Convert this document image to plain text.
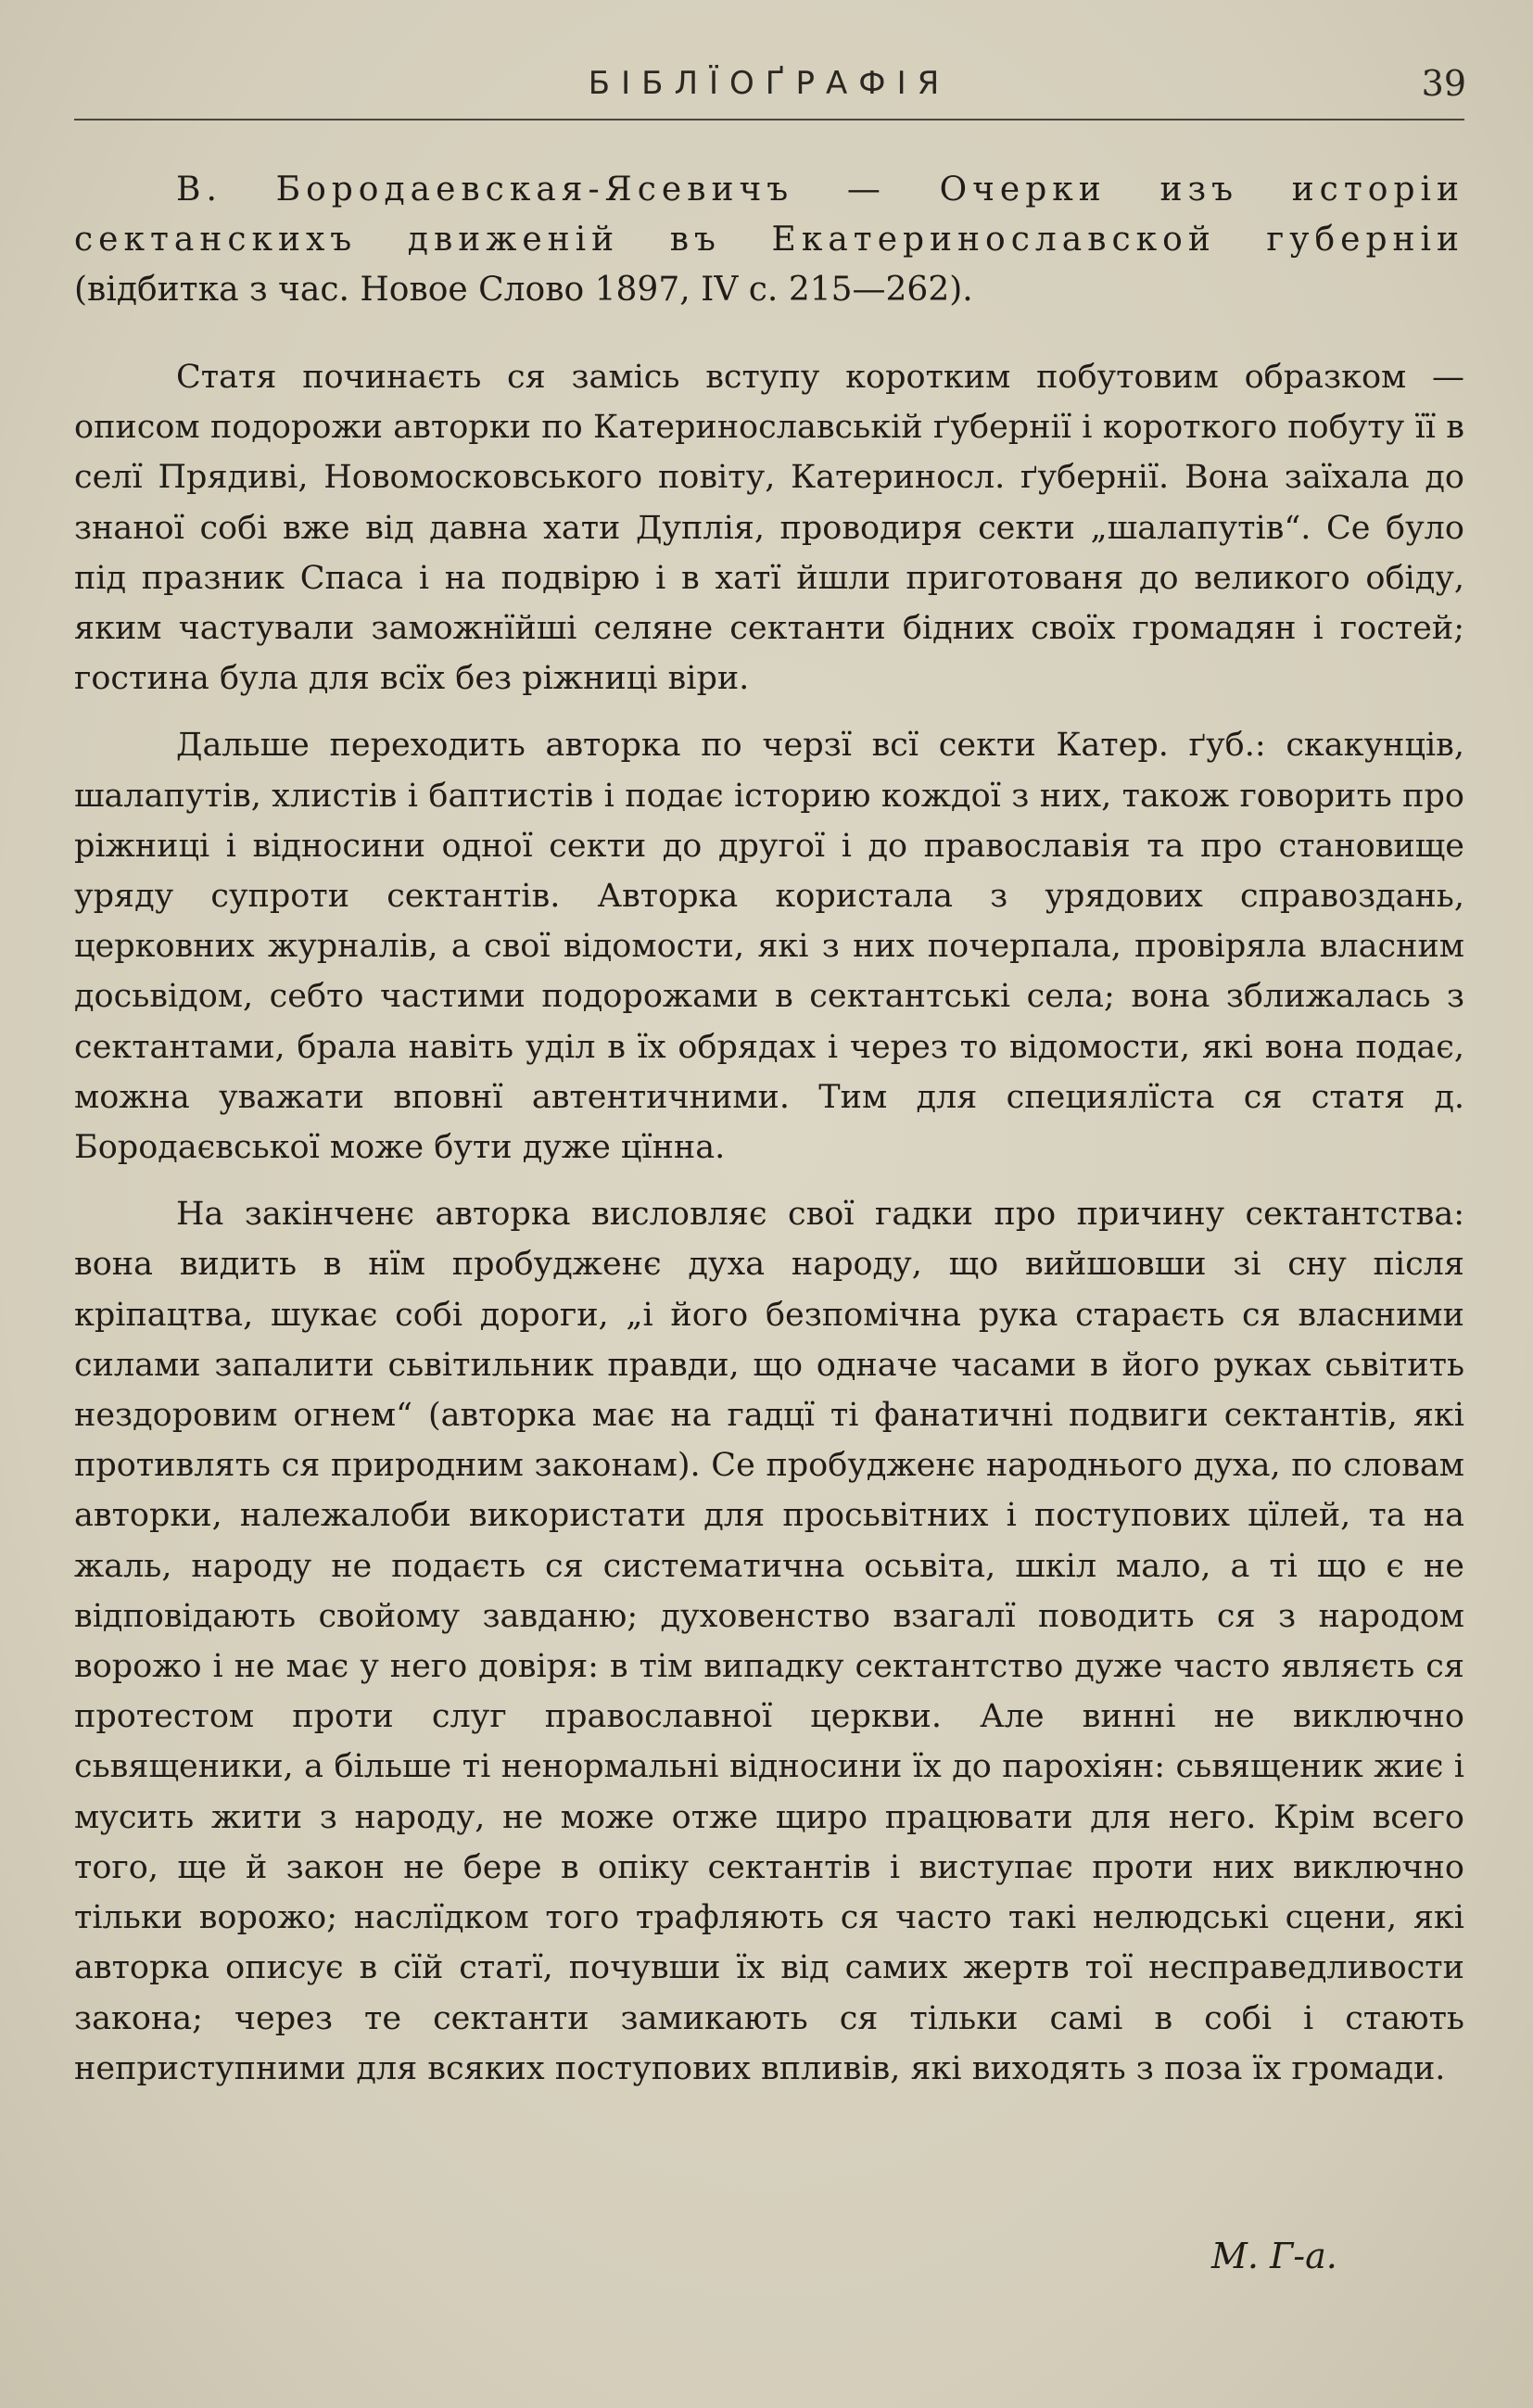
БІБЛЇОҐРАФІЯ	39

В. Бородаевская-Ясевичъ — Очерки изъ исторіи сектанскихъ движеній въ Екатеринославской губерніи (відбитка з час. Новое Слово 1897, IV c. 215—262).

Статя починаєть ся замісь вступу коротким побутовим образком — описом подорожи авторки по Катеринославській ґубернії і короткого побуту її в селї Прядиві, Новомосковського повіту, Катериносл. ґубернії. Вона заїхала до знаної собі вже від давна хати Дуплія, проводиря секти „шалапутів“. Се було під празник Спаса і на подвірю і в хатї йшли приготованя до великого обіду, яким частували заможнїйші селяне сектанти бідних своїх громадян і гостей; гостина була для всїх без ріжниці віри.

Дальше переходить авторка по черзї всї секти Катер. ґуб.: скакунців, шалапутів, хлистів і баптистів і подає історию кождої з них, також говорить про ріжниці і відносини одної секти до другої і до православія та про становище уряду супроти сектантів. Авторка користала з урядових справоздань, церковних журналів, а свої відомости, які з них почерпала, провіряла власним досьвідом, себто частими подорожами в сектантські села; вона зближалась з сектантами, брала навіть уділ в їх обрядах і через то відомости, які вона подає, можна уважати вповнї автентичними. Тим для специялїста ся статя д. Бородаєвської може бути дуже цїнна.

На закінченє авторка висловляє свої гадки про причину сектантства: вона видить в нїм пробудженє духа народу, що вийшовши зі сну після кріпацтва, шукає собі дороги, „і його безпомічна рука стараєть ся власними силами запалити сьвітильник правди, що одначе часами в його руках сьвітить нездоровим огнем“ (авторка має на гадцї ті фанатичні подвиги сектантів, які противлять ся природним законам). Се пробудженє народнього духа, по словам авторки, належалоби використати для просьвітних і поступових цїлей, та на жаль, народу не подаєть ся систематична осьвіта, шкіл мало, а ті що є не відповідають свойому завданю; духовенство взагалї поводить ся з народом ворожо і не має у него довіря: в тім випадку сектантство дуже часто являєть ся протестом проти слуг православної церкви. Але винні не виключно сьвященики, а більше ті ненормальні відносини їх до парохіян: сьвященик жиє і мусить жити з народу, не може отже щиро працювати для него. Крім всего того, ще й закон не бере в опіку сектантів і виступає проти них виключно тільки ворожо; наслїдком того трафляють ся часто такі нелюдські сцени, які авторка описує в сїй статї, почувши їх від самих жертв тої несправедливости закона; через те сектанти замикають ся тільки самі в собі і стають неприступними для всяких поступових впливів, які виходять з поза їх громади.

М. Г-а.
